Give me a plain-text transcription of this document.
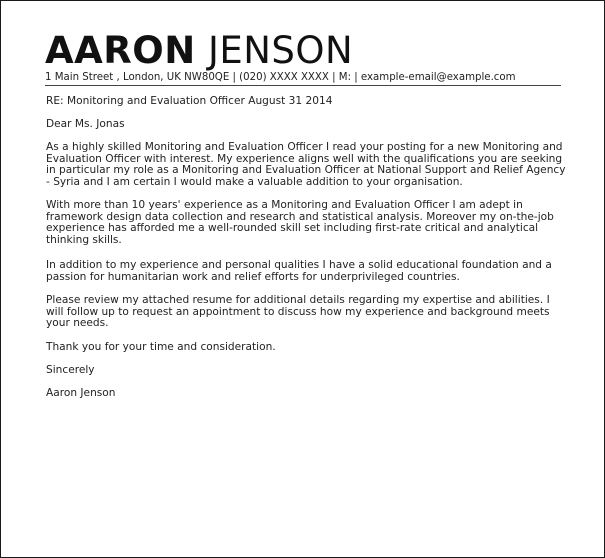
AARON JENSON
1 Main Street , London, UK NW80QE | (020) XXXX XXXX | M: | example-email@example.com
RE: Monitoring and Evaluation Officer August 31 2014
Dear Ms. Jonas
As a highly skilled Monitoring and Evaluation Officer I read your posting for a new Monitoring and Evaluation Officer with interest. My experience aligns well with the qualifications you are seeking in particular my role as a Monitoring and Evaluation Officer at National Support and Relief Agency - Syria and I am certain I would make a valuable addition to your organisation.
With more than 10 years' experience as a Monitoring and Evaluation Officer I am adept in framework design data collection and research and statistical analysis. Moreover my on-the-job experience has afforded me a well-rounded skill set including first-rate critical and analytical thinking skills.
In addition to my experience and personal qualities I have a solid educational foundation and a passion for humanitarian work and relief efforts for underprivileged countries.
Please review my attached resume for additional details regarding my expertise and abilities. I will follow up to request an appointment to discuss how my experience and background meets your needs.
Thank you for your time and consideration.
Sincerely
Aaron Jenson
